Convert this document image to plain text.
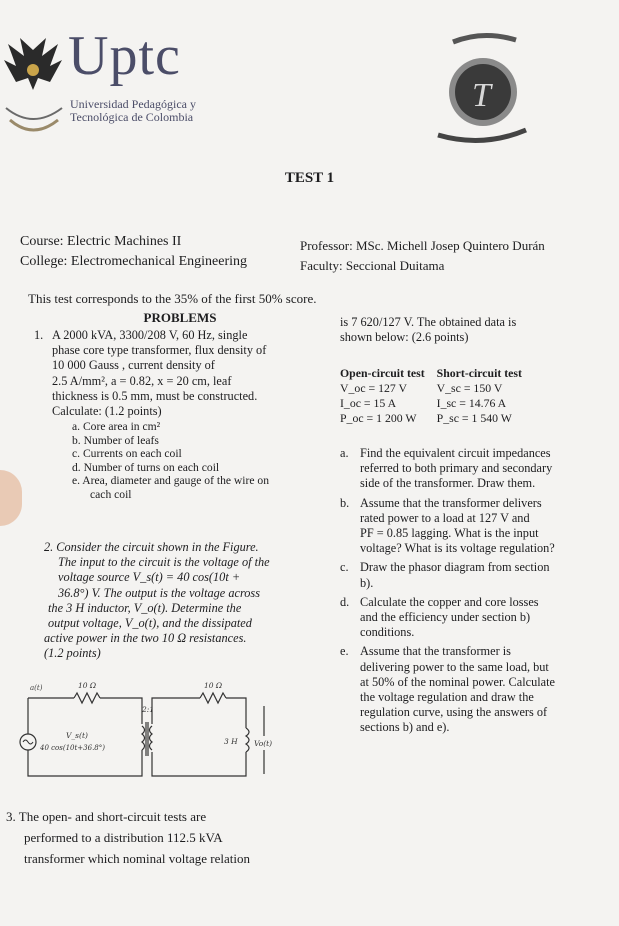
Uptc
Universidad Pedagógica y
Tecnológica de Colombia
T
TEST 1
Course: Electric Machines II
College: Electromechanical Engineering
Professor: MSc. Michell Josep Quintero Durán
Faculty: Seccional Duitama
This test corresponds to the 35% of the first 50% score.
PROBLEMS
1. A 2000 kVA, 3300/208 V, 60 Hz, single
phase core type transformer, flux density of
10 000 Gauss , current density of
2.5 A/mm², a = 0.82, x = 20 cm, leaf
thickness is 0.5 mm, must be constructed.
Calculate: (1.2 points)
a. Core area in cm²
b. Number of leafs
c. Currents on each coil
d. Number of turns on each coil
e. Area, diameter and gauge of the wire on
cach coil
2. Consider the circuit shown in the Figure.
The input to the circuit is the voltage of the
voltage source V_s(t) = 40 cos(10t +
36.8°) V. The output is the voltage across
the 3 H inductor, V_o(t). Determine the
output voltage, V_o(t), and the dissipated
active power in the two 10 Ω resistances.
(1.2 points)
a(t)	10 Ω	10 Ω
2:1
3 H
V_s(t)
40 cos(10t+36.8°)	Vo(t)
3. The open- and short-circuit tests are
performed to a distribution 112.5 kVA
transformer which nominal voltage relation
is 7 620/127 V. The obtained data is
shown below: (2.6 points)
Open-circuit test	Short-circuit test
V_oc = 127 V	V_sc = 150 V
I_oc = 15 A	I_sc = 14.76 A
P_oc = 1 200 W	P_sc = 1 540 W
a. Find the equivalent circuit impedances
referred to both primary and secondary
side of the transformer. Draw them.
b. Assume that the transformer delivers
rated power to a load at 127 V and
PF = 0.85 lagging. What is the input
voltage? What is its voltage regulation?
c. Draw the phasor diagram from section
b).
d. Calculate the copper and core losses
and the efficiency under section b)
conditions.
e. Assume that the transformer is
delivering power to the same load, but
at 50% of the nominal power. Calculate
the voltage regulation and draw the
regulation curve, using the answers of
sections b) and e).
